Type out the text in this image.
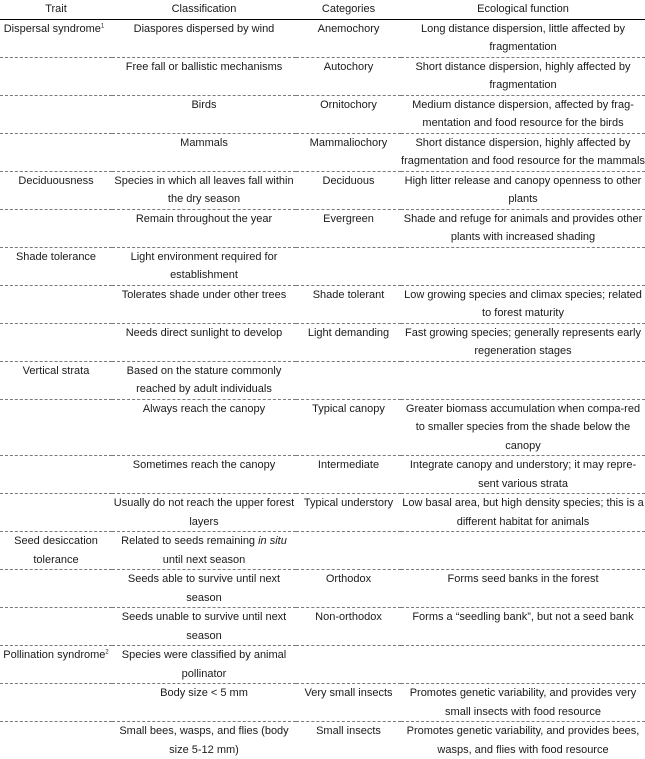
Trait	Classification	Categories	Ecological function
Dispersal syndrome$^1$	Diaspores dispersed by wind	Anemochory	Long distance dispersion, little affected by fragmentation
	Free fall or ballistic mechanisms	Autochory	Short distance dispersion, highly affected by fragmentation
	Birds	Ornitochory	Medium distance dispersion, affected by frag-mentation and food resource for the birds
	Mammals	Mammaliochory	Short distance dispersion, highly affected by fragmentation and food resource for the mammals
Deciduousness	Species in which all leaves fall within the dry season	Deciduous	High litter release and canopy openness to other plants
	Remain throughout the year	Evergreen	Shade and refuge for animals and provides other plants with increased shading
Shade tolerance	Light environment required for establishment		
	Tolerates shade under other trees	Shade tolerant	Low growing species and climax species; related to forest maturity
	Needs direct sunlight to develop	Light demanding	Fast growing species; generally represents early regeneration stages
Vertical strata	Based on the stature commonly reached by adult individuals		
	Always reach the canopy	Typical canopy	Greater biomass accumulation when compa-red to smaller species from the shade below the canopy
	Sometimes reach the canopy	Intermediate	Integrate canopy and understory; it may repre-sent various strata
	Usually do not reach the upper forest layers	Typical understory	Low basal area, but high density species; this is a different habitat for animals
Seed desiccation tolerance	Related to seeds remaining in situ until next season		
	Seeds able to survive until next season	Orthodox	Forms seed banks in the forest
	Seeds unable to survive until next season	Non-orthodox	Forms a “seedling bank”, but not a seed bank
Pollination syndrome$^2$	Species were classified by animal pollinator		
	Body size < 5 mm	Very small insects	Promotes genetic variability, and provides very small insects with food resource
	Small bees, wasps, and flies (body size 5-12 mm)	Small insects	Promotes genetic variability, and provides bees, wasps, and flies with food resource
